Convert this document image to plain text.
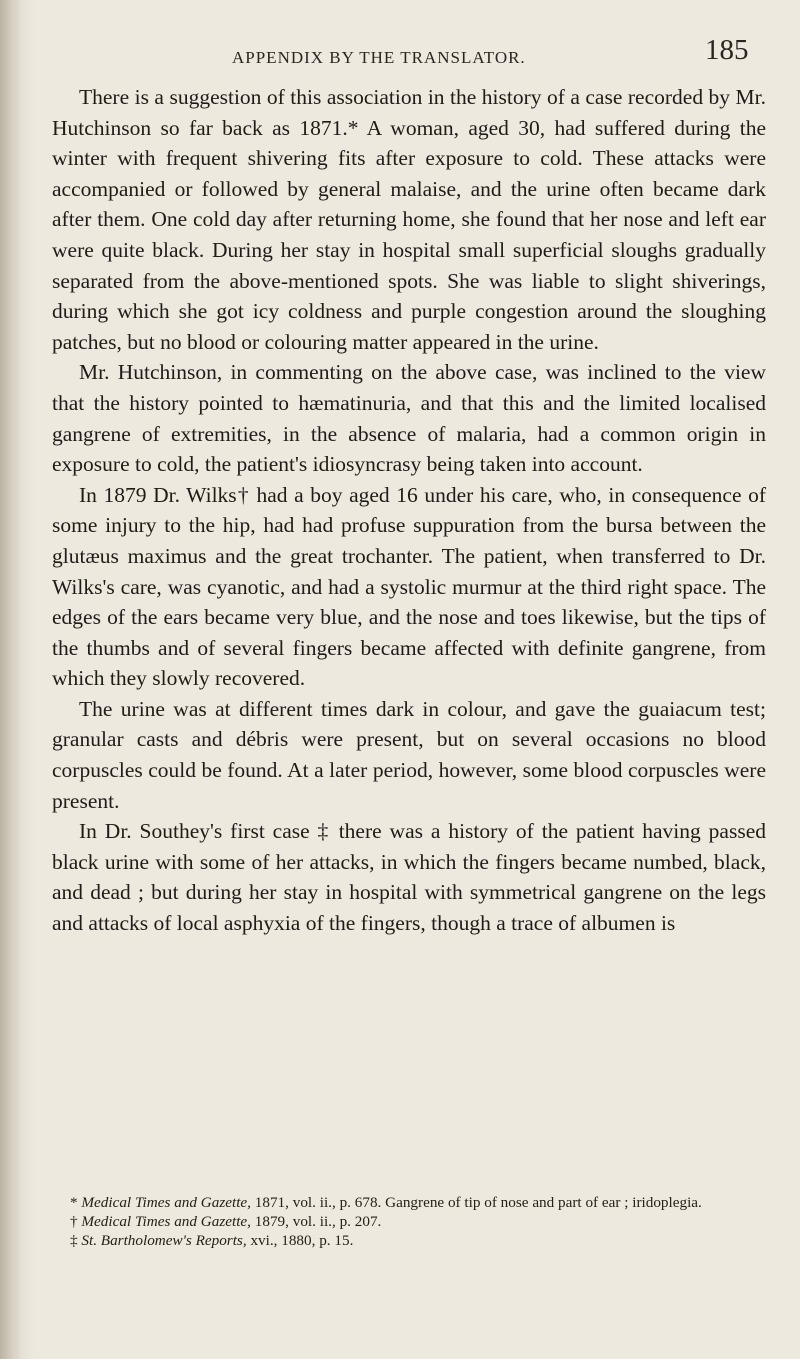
APPENDIX BY THE TRANSLATOR.	185

There is a suggestion of this association in the history of a case recorded by Mr. Hutchinson so far back as 1871.* A woman, aged 30, had suffered during the winter with frequent shivering fits after exposure to cold. These attacks were accompanied or followed by general malaise, and the urine often became dark after them. One cold day after returning home, she found that her nose and left ear were quite black. During her stay in hospital small superficial sloughs gradually separated from the above-mentioned spots. She was liable to slight shiverings, during which she got icy coldness and purple congestion around the sloughing patches, but no blood or colouring matter appeared in the urine.

Mr. Hutchinson, in commenting on the above case, was inclined to the view that the history pointed to hæmatinuria, and that this and the limited localised gangrene of extremities, in the absence of malaria, had a common origin in exposure to cold, the patient's idiosyncrasy being taken into account.

In 1879 Dr. Wilks† had a boy aged 16 under his care, who, in consequence of some injury to the hip, had had profuse suppuration from the bursa between the glutæus maximus and the great trochanter. The patient, when transferred to Dr. Wilks's care, was cyanotic, and had a systolic murmur at the third right space. The edges of the ears became very blue, and the nose and toes likewise, but the tips of the thumbs and of several fingers became affected with definite gangrene, from which they slowly recovered.

The urine was at different times dark in colour, and gave the guaiacum test; granular casts and débris were present, but on several occasions no blood corpuscles could be found. At a later period, however, some blood corpuscles were present.

In Dr. Southey's first case ‡ there was a history of the patient having passed black urine with some of her attacks, in which the fingers became numbed, black, and dead ; but during her stay in hospital with symmetrical gangrene on the legs and attacks of local asphyxia of the fingers, though a trace of albumen is

* Medical Times and Gazette, 1871, vol. ii., p. 678. Gangrene of tip of nose and part of ear ; iridoplegia.

† Medical Times and Gazette, 1879, vol. ii., p. 207.

‡ St. Bartholomew's Reports, xvi., 1880, p. 15.
